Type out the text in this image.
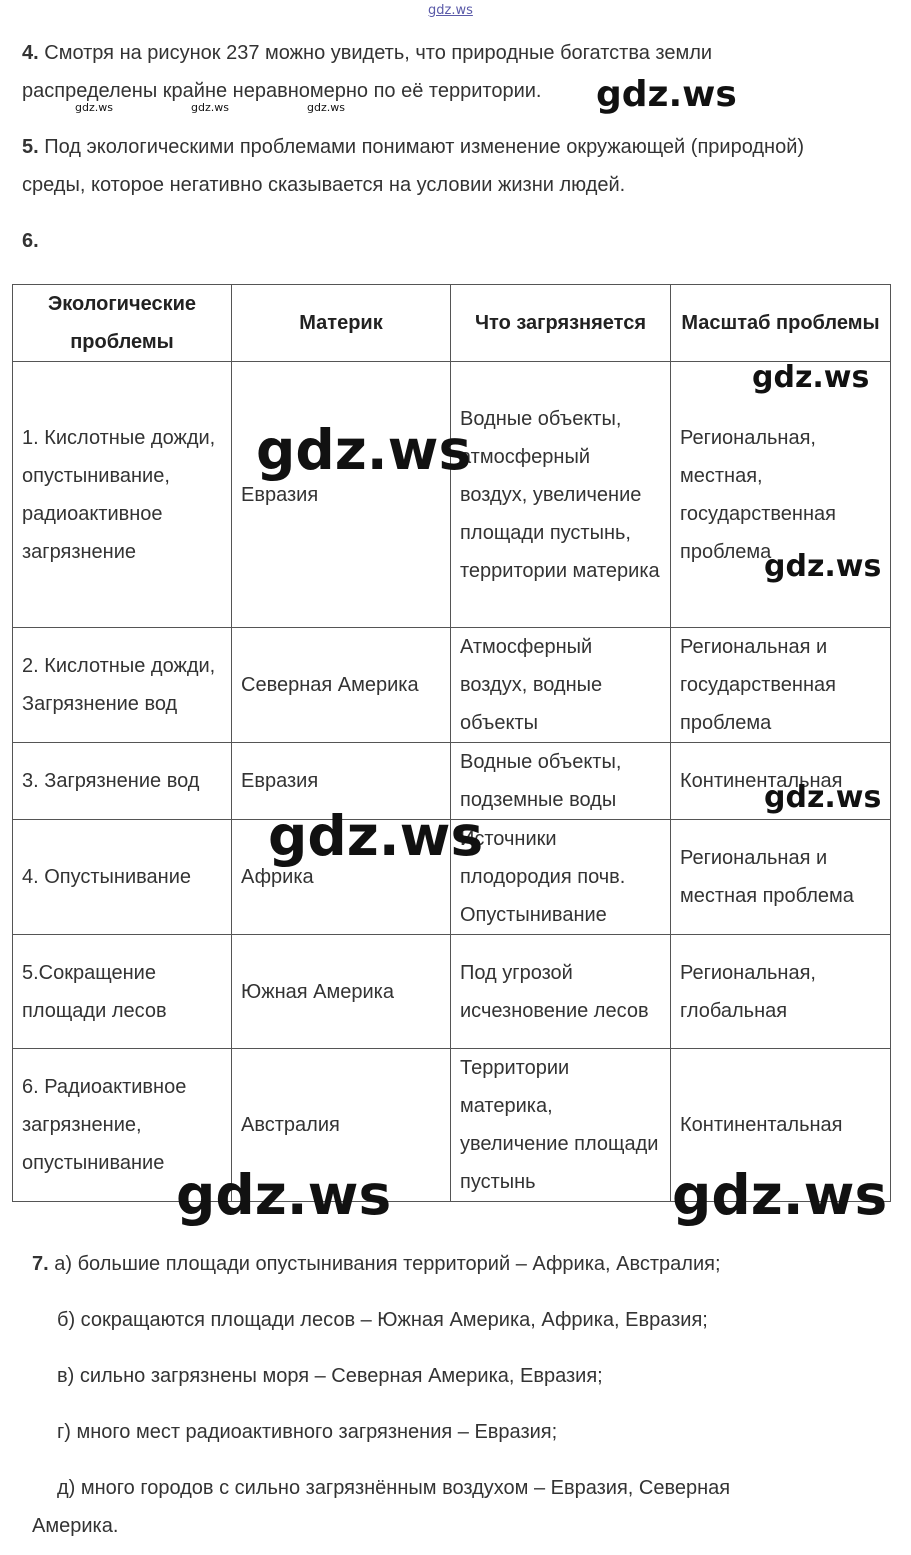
gdz.ws
4. Смотря на рисунок 237 можно увидеть, что природные богатства земли распределены крайне неравномерно по её территории.
gdz.ws	gdz.ws	gdz.ws	gdz.ws
5. Под экологическими проблемами понимают изменение окружающей (природной) среды, которое негативно сказывается на условии жизни людей.
6.
Экологические проблемы	Материк	Что загрязняется	Масштаб проблемы
1. Кислотные дожди, опустынивание, радиоактивное загрязнение	Евразия	Водные объекты, атмосферный воздух, увеличение площади пустынь, территории материка	Региональная, местная, государственная проблема
2. Кислотные дожди, Загрязнение вод	Северная Америка	Атмосферный воздух, водные объекты	Региональная и государственная проблема
3. Загрязнение вод	Евразия	Водные объекты, подземные воды	Континентальная
4. Опустынивание	Африка	Источники плодородия почв. Опустынивание	Региональная и местная проблема
5.Сокращение площади лесов	Южная Америка	Под угрозой исчезновение лесов	Региональная, глобальная
6. Радиоактивное загрязнение, опустынивание	Австралия	Территории материка, увеличение площади пустынь	Континентальная
gdz.ws
gdz.ws
gdz.ws
gdz.ws
gdz.ws
gdz.ws	gdz.ws
7. а) большие площади опустынивания территорий – Африка, Австралия;
б) сокращаются площади лесов – Южная Америка, Африка, Евразия;
в) сильно загрязнены моря – Северная Америка, Евразия;
г) много мест радиоактивного загрязнения – Евразия;
д) много городов с сильно загрязнённым воздухом – Евразия, Северная Америка.
